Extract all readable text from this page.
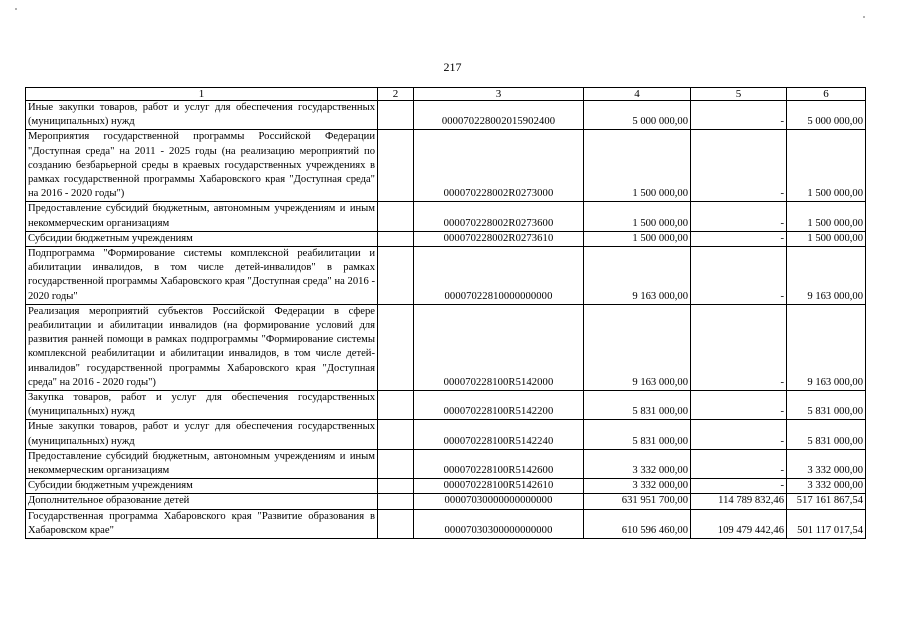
217
1	2	3	4	5	6
Иные закупки товаров, работ и услуг для обеспечения государственных (муниципальных) нужд		000070228002015902400	5 000 000,00	-	5 000 000,00
Мероприятия государственной программы Российской Федерации "Доступная среда" на 2011 - 2025 годы (на реализацию мероприятий по созданию безбарьерной среды в краевых государственных учреждениях в рамках государственной программы Хабаровского края "Доступная среда" на 2016 - 2020 годы")		000070228002R0273000	1 500 000,00	-	1 500 000,00
Предоставление субсидий бюджетным, автономным учреждениям и иным некоммерческим организациям		000070228002R0273600	1 500 000,00	-	1 500 000,00
Субсидии бюджетным учреждениям		000070228002R0273610	1 500 000,00	-	1 500 000,00
Подпрограмма "Формирование системы комплексной реабилитации и абилитации инвалидов, в том числе детей-инвалидов" в рамках государственной программы Хабаровского края "Доступная среда" на 2016 - 2020 годы"		00007022810000000000	9 163 000,00	-	9 163 000,00
Реализация мероприятий субъектов Российской Федерации в сфере реабилитации и абилитации инвалидов (на формирование условий для развития ранней помощи в рамках подпрограммы "Формирование системы комплексной реабилитации и абилитации инвалидов, в том числе детей-инвалидов" государственной программы Хабаровского края "Доступная среда" на 2016 - 2020 годы")		000070228100R5142000	9 163 000,00	-	9 163 000,00
Закупка товаров, работ и услуг для обеспечения государственных (муниципальных) нужд		000070228100R5142200	5 831 000,00	-	5 831 000,00
Иные закупки товаров, работ и услуг для обеспечения государственных (муниципальных) нужд		000070228100R5142240	5 831 000,00	-	5 831 000,00
Предоставление субсидий бюджетным, автономным учреждениям и иным некоммерческим организациям		000070228100R5142600	3 332 000,00	-	3 332 000,00
Субсидии бюджетным учреждениям		000070228100R5142610	3 332 000,00	-	3 332 000,00
Дополнительное образование детей		00007030000000000000	631 951 700,00	114 789 832,46	517 161 867,54
Государственная программа Хабаровского края "Развитие образования в Хабаровском крае"		00007030300000000000	610 596 460,00	109 479 442,46	501 117 017,54
